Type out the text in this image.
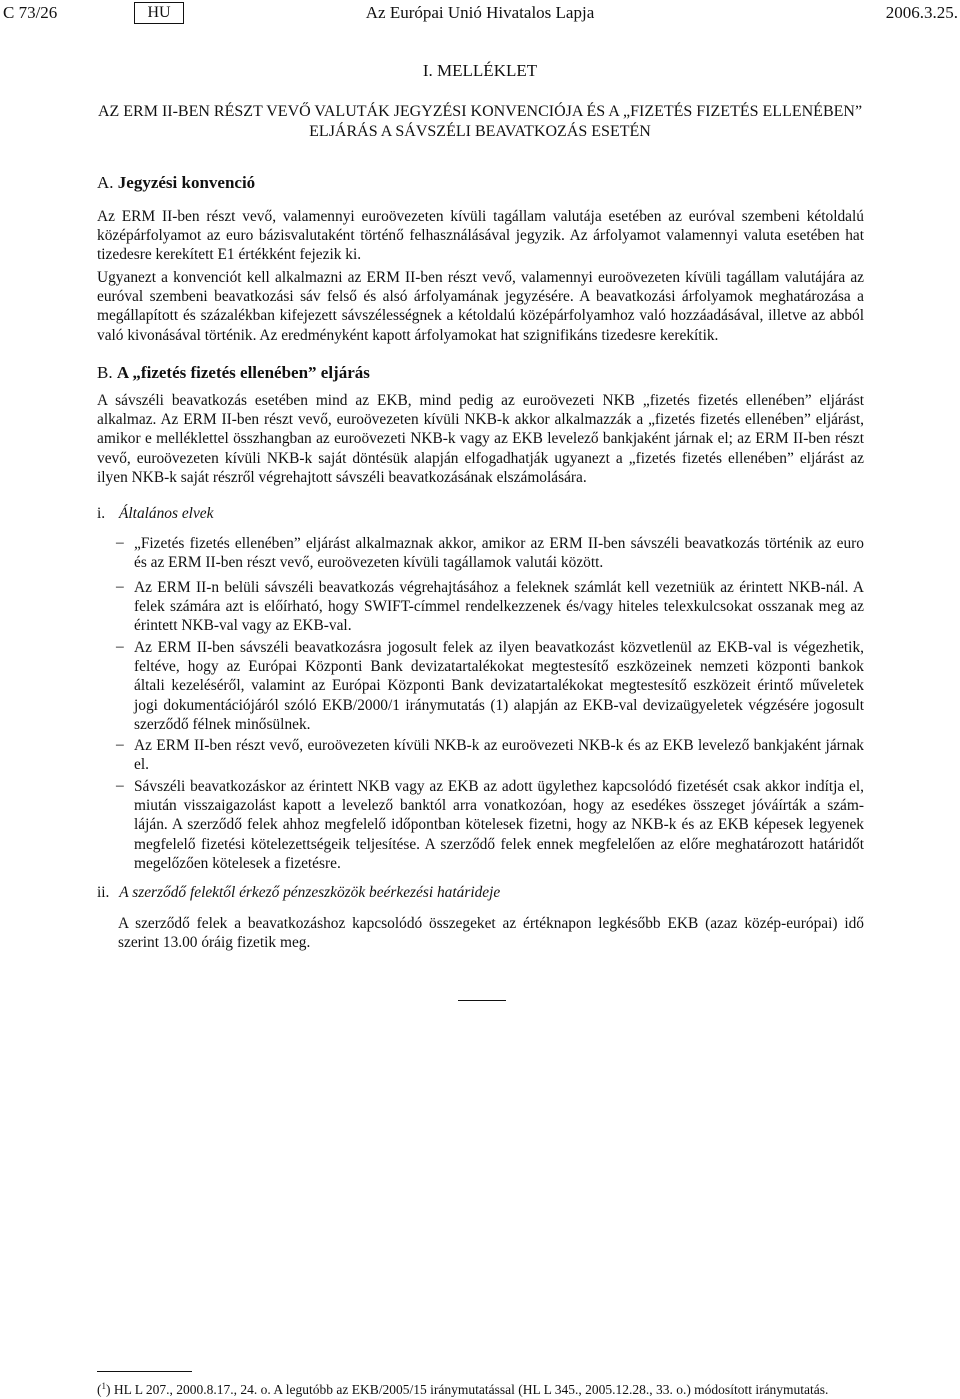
C 73/26	HU	Az Európai Unió Hivatalos Lapja	2006.3.25.
I. MELLÉKLET
AZ ERM II-BEN RÉSZT VEVŐ VALUTÁK JEGYZÉSI KONVENCIÓJA ÉS A „FIZETÉS FIZETÉS ELLENÉBEN”
ELJÁRÁS A SÁVSZÉLI BEAVATKOZÁS ESETÉN
A. Jegyzési konvenció
Az ERM II-ben részt vevő, valamennyi euroövezeten kívüli tagállam valutája esetében az euróval szembeni kétoldalú
középárfolyamot az euro bázisvalutaként történő felhasználásával jegyzik. Az árfolyamot valamennyi valuta esetében hat
tizedesre kerekített E1 értékként fejezik ki.
Ugyanezt a konvenciót kell alkalmazni az ERM II-ben részt vevő, valamennyi euroövezeten kívüli tagállam valutájára az
euróval szembeni beavatkozási sáv felső és alsó árfolyamának jegyzésére. A beavatkozási árfolyamok meghatározása a
megállapított és százalékban kifejezett sávszélességnek a kétoldalú középárfolyamhoz való hozzáadásával, illetve az abból
való kivonásával történik. Az eredményként kapott árfolyamokat hat szignifikáns tizedesre kerekítik.
B. A „fizetés fizetés ellenében” eljárás
A sávszéli beavatkozás esetében mind az EKB, mind pedig az euroövezeti NKB „fizetés fizetés ellenében” eljárást
alkalmaz. Az ERM II-ben részt vevő, euroövezeten kívüli NKB-k akkor alkalmazzák a „fizetés fizetés ellenében” eljárást,
amikor e melléklettel összhangban az euroövezeti NKB-k vagy az EKB levelező bankjaként járnak el; az ERM II-ben részt
vevő, euroövezeten kívüli NKB-k saját döntésük alapján elfogadhatják ugyanezt a „fizetés fizetés ellenében” eljárást az
ilyen NKB-k saját részről végrehajtott sávszéli beavatkozásának elszámolására.
i. Általános elvek
– „Fizetés fizetés ellenében” eljárást alkalmaznak akkor, amikor az ERM II-ben sávszéli beavatkozás történik az euro
és az ERM II-ben részt vevő, euroövezeten kívüli tagállamok valutái között.
– Az ERM II-n belüli sávszéli beavatkozás végrehajtásához a feleknek számlát kell vezetniük az érintett NKB-nál. A
felek számára azt is előírható, hogy SWIFT-címmel rendelkezzenek és/vagy hiteles telexkulcsokat osszanak meg az
érintett NKB-val vagy az EKB-val.
– Az ERM II-ben sávszéli beavatkozásra jogosult felek az ilyen beavatkozást közvetlenül az EKB-val is végezhetik,
feltéve, hogy az Európai Központi Bank devizatartalékokat megtestesítő eszközeinek nemzeti központi bankok
általi kezeléséről, valamint az Európai Központi Bank devizatartalékokat megtestesítő eszközeit érintő műveletek
jogi dokumentációjáról szóló EKB/2000/1 iránymutatás (1) alapján az EKB-val devizaügyeletek végzésére jogosult
szerződő félnek minősülnek.
– Az ERM II-ben részt vevő, euroövezeten kívüli NKB-k az euroövezeti NKB-k és az EKB levelező bankjaként járnak
el.
– Sávszéli beavatkozáskor az érintett NKB vagy az EKB az adott ügylethez kapcsolódó fizetését csak akkor indítja el,
miután visszaigazolást kapott a levelező banktól arra vonatkozóan, hogy az esedékes összeget jóváírták a szám-
láján. A szerződő felek ahhoz megfelelő időpontban kötelesek fizetni, hogy az NKB-k és az EKB képesek legyenek
megfelelő fizetési kötelezettségeik teljesítése. A szerződő felek ennek megfelelően az előre meghatározott határidőt
megelőzően kötelesek a fizetésre.
ii. A szerződő felektől érkező pénzeszközök beérkezési határideje
A szerződő felek a beavatkozáshoz kapcsolódó összegeket az értéknapon legkésőbb EKB (azaz közép-európai) idő
szerint 13.00 óráig fizetik meg.
($^1$) HL L 207., 2000.8.17., 24. o. A legutóbb az EKB/2005/15 iránymutatással (HL L 345., 2005.12.28., 33. o.) módosított iránymutatás.
